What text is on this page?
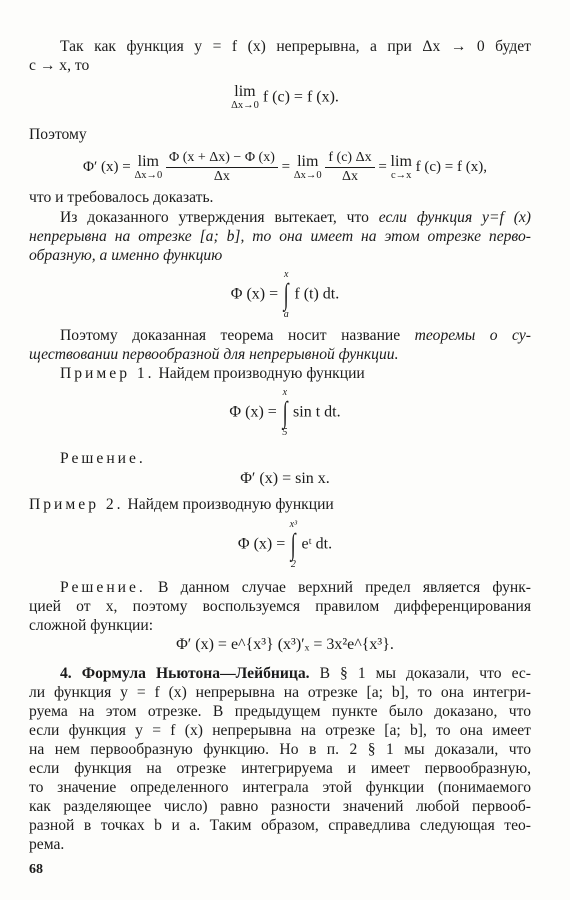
Так как функция y = f (x) непрерывна, а при Δx → 0 будет
c → x, то
lim
Δx→0
f (c) = f (x).
Поэтому
Φ′ (x) = lim
Δx→0
$\frac{\Phi (x + \Delta x) - \Phi (x)}{\Delta x} = \lim$
Δx→0
$\frac{f (c) \Delta x}{\Delta x} = \lim$
c→x
f (c) = f (x),
что и требовалось доказать.
Из доказанного утверждения вытекает, что если функция y=f (x)
непрерывна на отрезке [a; b], то она имеет на этом отрезке перво-
образную, а именно функцию
Φ (x) =
x
∫
a
f (t) dt.
Поэтому доказанная теорема носит название теоремы о су-
ществовании первообразной для непрерывной функции.
Пример 1. Найдем производную функции
Φ (x) =
x
∫
5
sin t dt.
Решение.
Φ′ (x) = sin x.
Пример 2. Найдем производную функции
Φ (x) =
x³
∫
2
eᵗ dt.
Решение. В данном случае верхний предел является функ-
цией от x, поэтому воспользуемся правилом дифференцирования
сложной функции:
Φ′ (x) = e^{x³} (x³)′ₓ = 3x²e^{x³}.
4. Формула Ньютона—Лейбница. В § 1 мы доказали, что ес-
ли функция y = f (x) непрерывна на отрезке [a; b], то она интегри-
руема на этом отрезке. В предыдущем пункте было доказано, что
если функция y = f (x) непрерывна на отрезке [a; b], то она имеет
на нем первообразную функцию. Но в п. 2 § 1 мы доказали, что
если функция на отрезке интегрируема и имеет первообразную,
то значение определенного интеграла этой функции (понимаемого
как разделяющее число) равно разности значений любой первооб-
разной в точках b и a. Таким образом, справедлива следующая тео-
рема.
68
